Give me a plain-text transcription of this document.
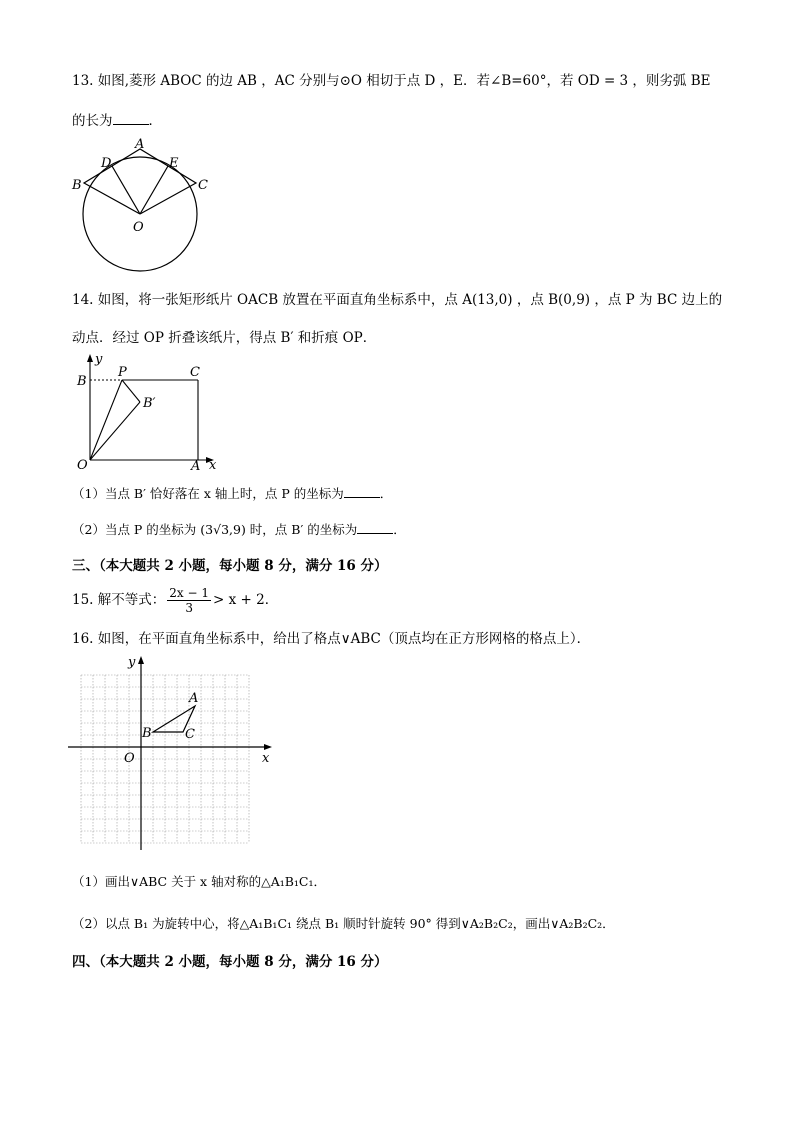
13. 如图,菱形 ABOC 的边 AB ，AC 分别与⊙O 相切于点 D ，E．若∠B=60°，若 OD = 3 ，则劣弧 BE
的长为	．
A
B	C
D	E
O
14. 如图，将一张矩形纸片 OACB 放置在平面直角坐标系中，点 A(13,0) ，点 B(0,9) ，点 P 为 BC 边上的
动点．经过 OP 折叠该纸片，得点 B′ 和折痕 OP．
y
B
P	C
B′
O	A x
（1）当点 B′ 恰好落在 x 轴上时，点 P 的坐标为	．
（2）当点 P 的坐标为 (3√3,9) 时，点 B′ 的坐标为	．
三、（本大题共 2 小题，每小题 8 分，满分 16 分）
15. 解不等式： $\frac{2x - 1}{3} > x + 2$．
16. 如图，在平面直角坐标系中，给出了格点∨ABC（顶点均在正方形网格的格点上）．
y
x
O
A
B	C
（1）画出∨ABC 关于 x 轴对称的△A₁B₁C₁．
（2）以点 B₁ 为旋转中心，将△A₁B₁C₁ 绕点 B₁ 顺时针旋转 90° 得到∨A₂B₂C₂，画出∨A₂B₂C₂．
四、（本大题共 2 小题，每小题 8 分，满分 16 分）
